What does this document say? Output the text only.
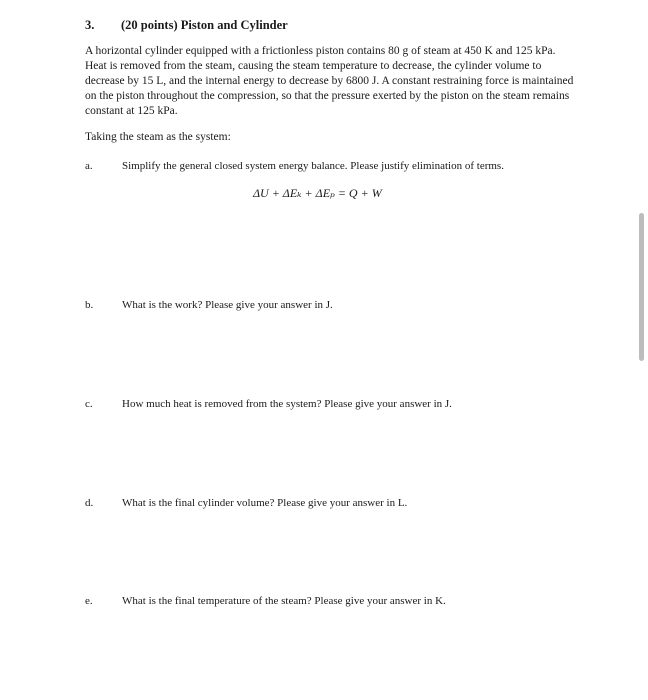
3. (20 points) Piston and Cylinder

A horizontal cylinder equipped with a frictionless piston contains 80 g of steam at 450 K and 125 kPa. Heat is removed from the steam, causing the steam temperature to decrease, the cylinder volume to decrease by 15 L, and the internal energy to decrease by 6800 J. A constant restraining force is maintained on the piston throughout the compression, so that the pressure exerted by the piston on the steam remains constant at 125 kPa.

Taking the steam as the system:
a.	Simplify the general closed system energy balance. Please justify elimination of terms.
ΔU + ΔEₖ + ΔEₚ = Q + W
b.	What is the work? Please give your answer in J.
c.	How much heat is removed from the system? Please give your answer in J.
d.	What is the final cylinder volume? Please give your answer in L.
e.	What is the final temperature of the steam? Please give your answer in K.
